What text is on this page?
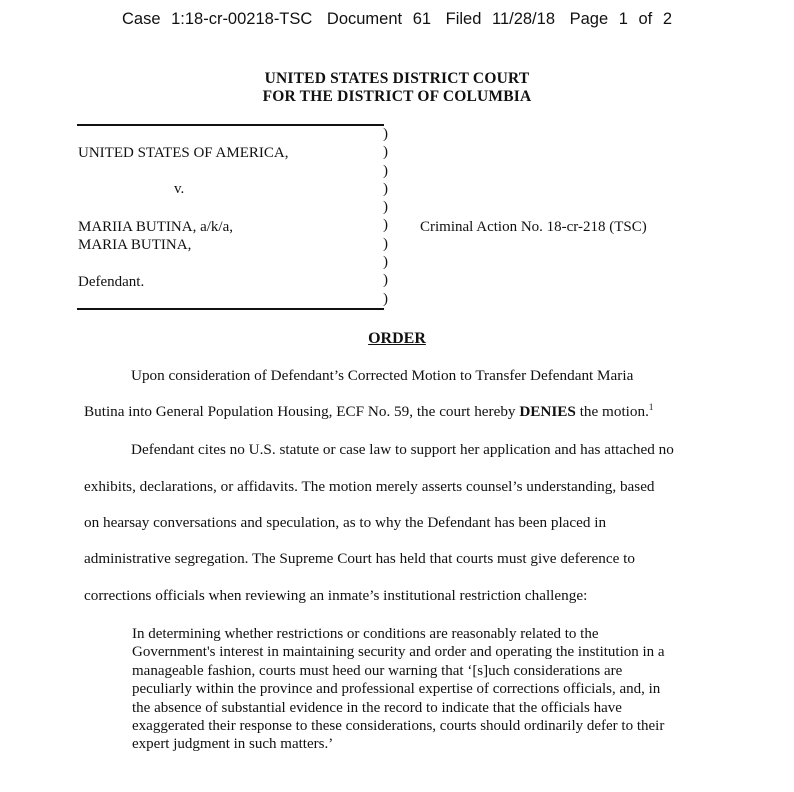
Case 1:18-cr-00218-TSC Document 61 Filed 11/28/18 Page 1 of 2
UNITED STATES DISTRICT COURT
FOR THE DISTRICT OF COLUMBIA
)
)
)
)
)
)
)
)
)
)
UNITED STATES OF AMERICA,
v.
MARIIA BUTINA, a/k/a,
MARIA BUTINA,
Defendant.
Criminal Action No. 18-cr-218 (TSC)
ORDER
Upon consideration of Defendant’s Corrected Motion to Transfer Defendant Maria
Butina into General Population Housing, ECF No. 59, the court hereby DENIES the motion.$^1$
Defendant cites no U.S. statute or case law to support her application and has attached no
exhibits, declarations, or affidavits. The motion merely asserts counsel’s understanding, based
on hearsay conversations and speculation, as to why the Defendant has been placed in
administrative segregation. The Supreme Court has held that courts must give deference to
corrections officials when reviewing an inmate’s institutional restriction challenge:
In determining whether restrictions or conditions are reasonably related to the
Government's interest in maintaining security and order and operating the institution in a
manageable fashion, courts must heed our warning that ‘[s]uch considerations are
peculiarly within the province and professional expertise of corrections officials, and, in
the absence of substantial evidence in the record to indicate that the officials have
exaggerated their response to these considerations, courts should ordinarily defer to their
expert judgment in such matters.’
